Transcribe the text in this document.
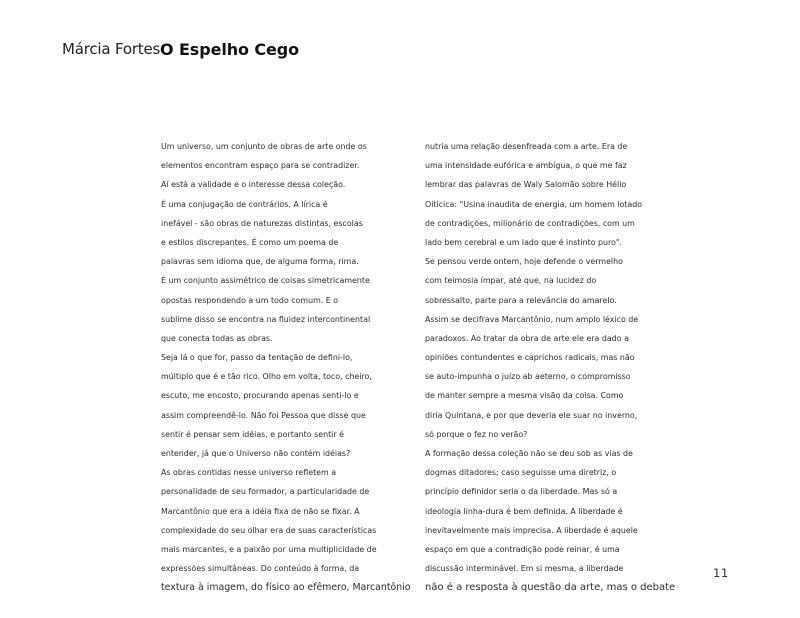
Márcia Fortes O Espelho Cego
Um universo, um conjunto de obras de arte onde os
elementos encontram espaço para se contradizer.
Aí está a validade e o interesse dessa coleção.
É uma conjugação de contrários. A lírica é
inefável - são obras de naturezas distintas, escolas
e estilos discrepantes. É como um poema de
palavras sem idioma que, de alguma forma, rima.
É um conjunto assimétrico de coisas simetricamente
opostas respondendo a um todo comum. E o
sublime disso se encontra na fluidez intercontinental
que conecta todas as obras.
Seja lá o que for, passo da tentação de defini-lo,
múltiplo que é e tão rico. Olho em volta, toco, cheiro,
escuto, me encosto, procurando apenas senti-lo e
assim compreendê-lo. Não foi Pessoa que disse que
sentir é pensar sem idéias, e portanto sentir é
entender, já que o Universo não contém idéias?
As obras contidas nesse universo refletem a
personalidade de seu formador, a particularidade de
Marcantônio que era a idéia fixa de não se fixar. A
complexidade do seu olhar era de suas características
mais marcantes, e a paixão por uma multiplicidade de
expressões simultâneas. Do conteúdo à forma, da
textura à imagem, do físico ao efêmero, Marcantônio
nutria uma relação desenfreada com a arte. Era de
uma intensidade eufórica e ambígua, o que me faz
lembrar das palavras de Waly Salomão sobre Hélio
Oiticica: "Usina inaudita de energia, um homem lotado
de contradições, milionário de contradições, com um
lado bem cerebral e um lado que é instinto puro".
Se pensou verde ontem, hoje defende o vermelho
com teimosia ímpar, até que, na lucidez do
sobressalto, parte para a relevância do amarelo.
Assim se decifrava Marcantônio, num amplo léxico de
paradoxos. Ao tratar da obra de arte ele era dado a
opiniões contundentes e caprichos radicais, mas não
se auto-impunha o juízo ab aeterno, o compromisso
de manter sempre a mesma visão da coisa. Como
diria Quintana, e por que deveria ele suar no inverno,
só porque o fez no verão?
A formação dessa coleção não se deu sob as vias de
dogmas ditadores; caso seguisse uma diretriz, o
princípio definidor seria o da liberdade. Mas só a
ideologia linha-dura é bem definida. A liberdade é
inevitavelmente mais imprecisa. A liberdade é aquele
espaço em que a contradição pode reinar, é uma
discussão interminável. Em si mesma, a liberdade
não é a resposta à questão da arte, mas o debate
11
